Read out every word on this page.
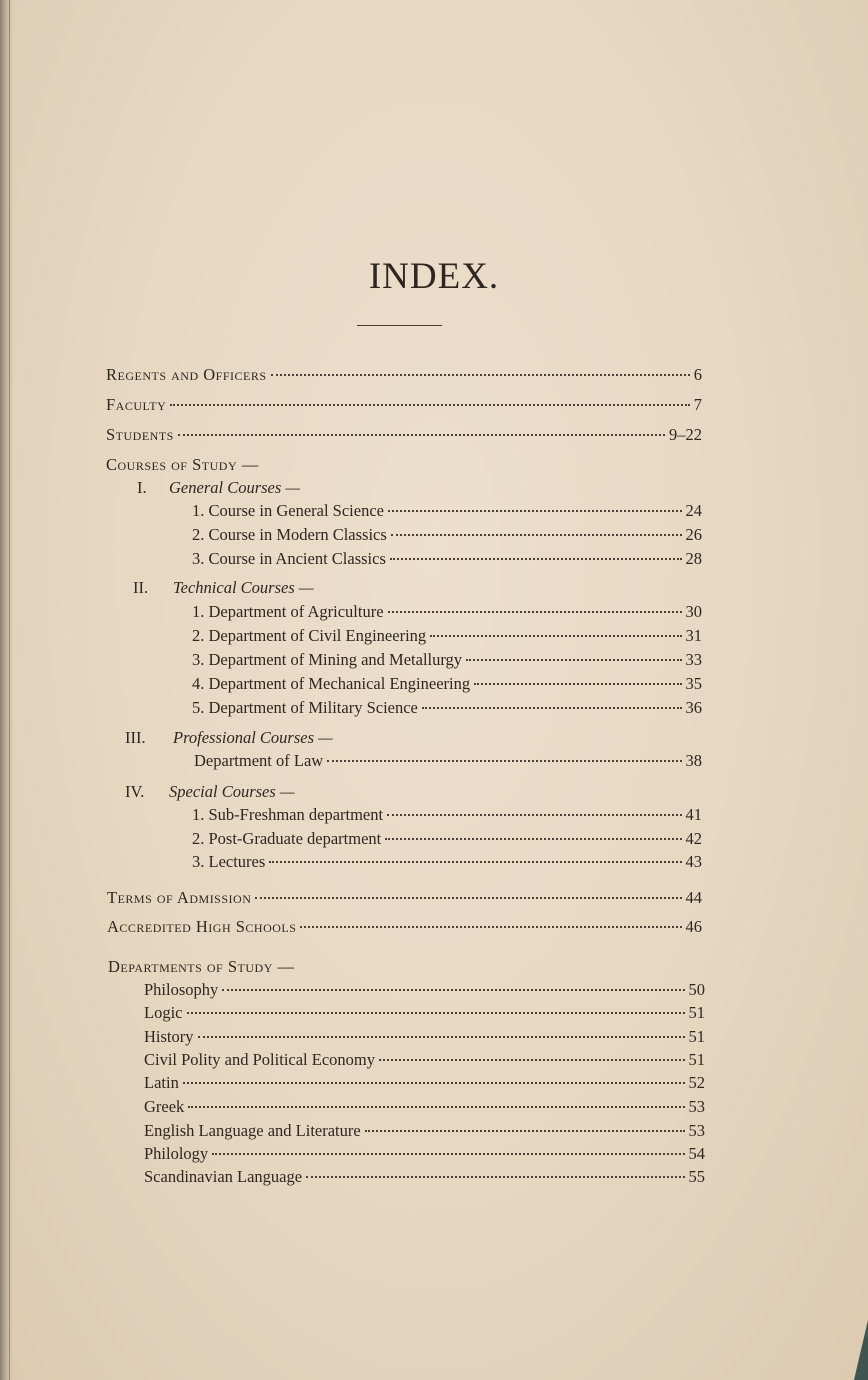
INDEX.
Regents and Officers	6
Faculty	7
Students	9–22
Courses of Study —
I. General Courses —
1. Course in General Science	24
2. Course in Modern Classics	26
3. Course in Ancient Classics	28
II. Technical Courses —
1. Department of Agriculture	30
2. Department of Civil Engineering	31
3. Department of Mining and Metallurgy	33
4. Department of Mechanical Engineering	35
5. Department of Military Science	36
III. Professional Courses —
Department of Law	38
IV. Special Courses —
1. Sub-Freshman department	41
2. Post-Graduate department	42
3. Lectures	43
Terms of Admission	44
Accredited High Schools	46
Departments of Study —
Philosophy	50
Logic	51
History	51
Civil Polity and Political Economy	51
Latin	52
Greek	53
English Language and Literature	53
Philology	54
Scandinavian Language	55
